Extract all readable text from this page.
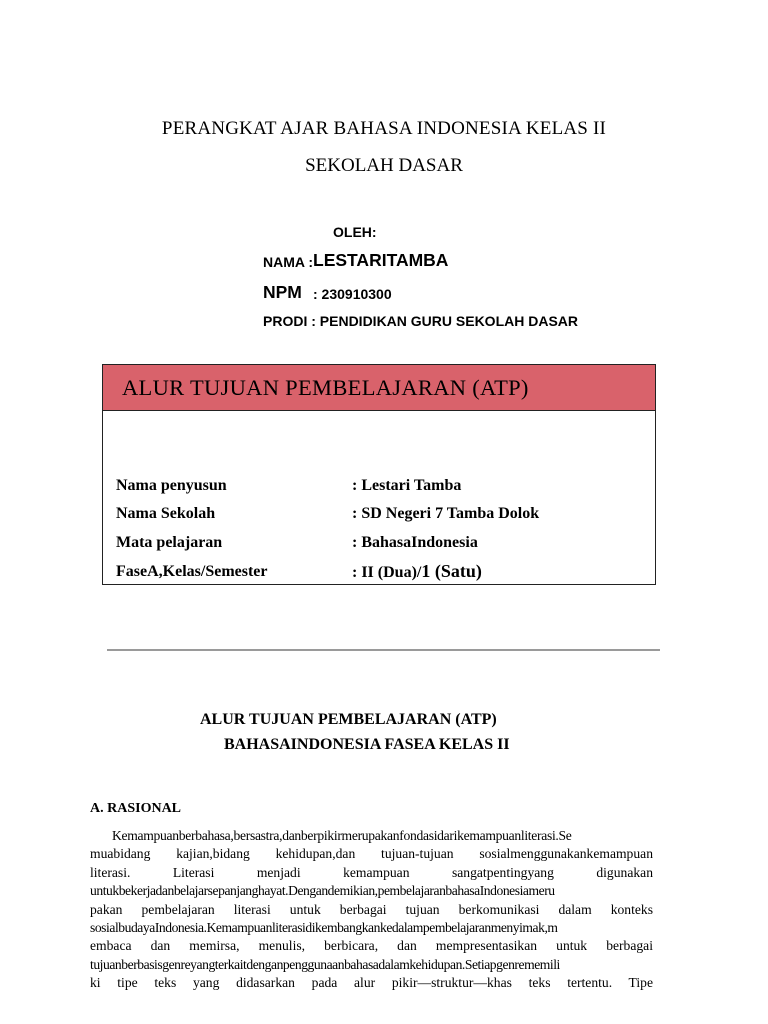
PERANGKAT AJAR BAHASA INDONESIA KELAS II
SEKOLAH DASAR
OLEH:
NAMA : LESTARITAMBA
NPM : 230910300
PRODI : PENDIDIKAN GURU SEKOLAH DASAR
ALUR TUJUAN PEMBELAJARAN (ATP)
Nama penyusun	: Lestari Tamba
Nama Sekolah	: SD Negeri 7 Tamba Dolok
Mata pelajaran	: BahasaIndonesia
FaseA,Kelas/Semester	: II (Dua)/1 (Satu)
ALUR TUJUAN PEMBELAJARAN (ATP)
BAHASAINDONESIA FASEA KELAS II
A. RASIONAL
Kemampuanberbahasa,bersastra,danberpikirmerupakanfondasidarikemampuanliterasi.Se
muabidang kajian,bidang kehidupan,dan tujuan-tujuan sosialmenggunakankemampuan
literasi. Literasi menjadi kemampuan sangatpentingyang digunakan
untukbekerjadanbelajarsepanjanghayat.Dengandemikian,pembelajaranbahasaIndonesiameru
pakan pembelajaran literasi untuk berbagai tujuan berkomunikasi dalam konteks
sosialbudayaIndonesia.Kemampuanliterasidikembangkankedalampembelajaranmenyimak,m
embaca dan memirsa, menulis, berbicara, dan mempresentasikan untuk berbagai
tujuanberbasisgenreyangterkaitdenganpenggunaanbahasadalamkehidupan.Setiapgenrememili
ki tipe teks yang didasarkan pada alur pikir—struktur—khas teks tertentu. Tipe
